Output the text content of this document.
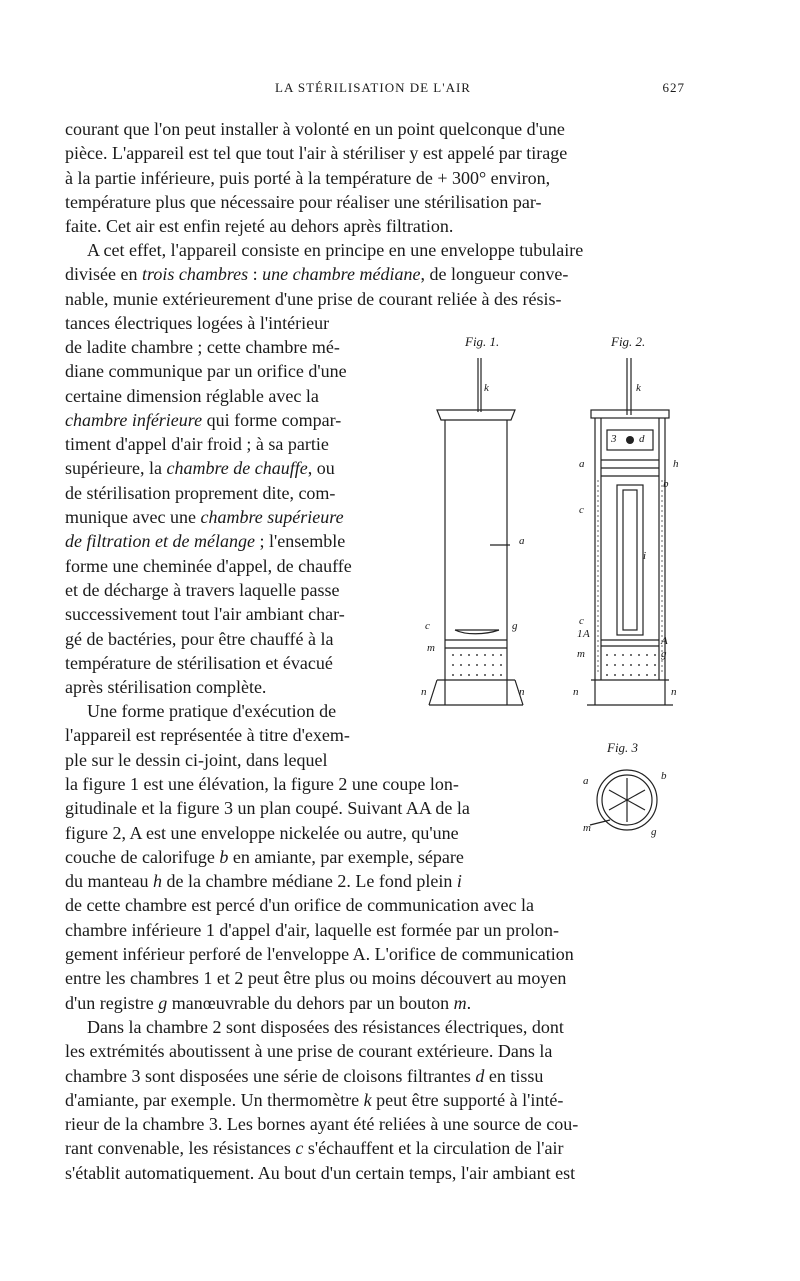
LA STÉRILISATION DE L'AIR	627
courant que l'on peut installer à volonté en un point quelconque d'une
pièce. L'appareil est tel que tout l'air à stériliser y est appelé par tirage
à la partie inférieure, puis porté à la température de + 300° environ,
température plus que nécessaire pour réaliser une stérilisation par-
faite. Cet air est enfin rejeté au dehors après filtration.
A cet effet, l'appareil consiste en principe en une enveloppe tubulaire
divisée en trois chambres : une chambre médiane, de longueur conve-
nable, munie extérieurement d'une prise de courant reliée à des résis-
tances électriques logées à l'intérieur
de ladite chambre ; cette chambre mé-
diane communique par un orifice d'une
certaine dimension réglable avec la
chambre inférieure qui forme compar-
timent d'appel d'air froid ; à sa partie
supérieure, la chambre de chauffe, ou
de stérilisation proprement dite, com-
munique avec une chambre supérieure
de filtration et de mélange ; l'ensemble
forme une cheminée d'appel, de chauffe
et de décharge à travers laquelle passe
successivement tout l'air ambiant char-
gé de bactéries, pour être chauffé à la
température de stérilisation et évacué
après stérilisation complète.
Une forme pratique d'exécution de
l'appareil est représentée à titre d'exem-
ple sur le dessin ci-joint, dans lequel
la figure 1 est une élévation, la figure 2 une coupe lon-
gitudinale et la figure 3 un plan coupé. Suivant AA de la
figure 2, A est une enveloppe nickelée ou autre, qu'une
couche de calorifuge b en amiante, par exemple, sépare
du manteau h de la chambre médiane 2. Le fond plein i
de cette chambre est percé d'un orifice de communication avec la
chambre inférieure 1 d'appel d'air, laquelle est formée par un prolon-
gement inférieur perforé de l'enveloppe A. L'orifice de communication
entre les chambres 1 et 2 peut être plus ou moins découvert au moyen
d'un registre g manœuvrable du dehors par un bouton m.
Dans la chambre 2 sont disposées des résistances électriques, dont
les extrémités aboutissent à une prise de courant extérieure. Dans la
chambre 3 sont disposées une série de cloisons filtrantes d en tissu
d'amiante, par exemple. Un thermomètre k peut être supporté à l'inté-
rieur de la chambre 3. Les bornes ayant été reliées à une source de cou-
rant convenable, les résistances c s'échauffent et la circulation de l'air
s'établit automatiquement. Au bout d'un certain temps, l'air ambiant est
Fig. 1.	Fig. 2.
Fig. 3
k
a
c	g
m
n	n
k
d
3
a	h
b
c
i
c
1 A
A
g
m
n	n
a	b
m	g
